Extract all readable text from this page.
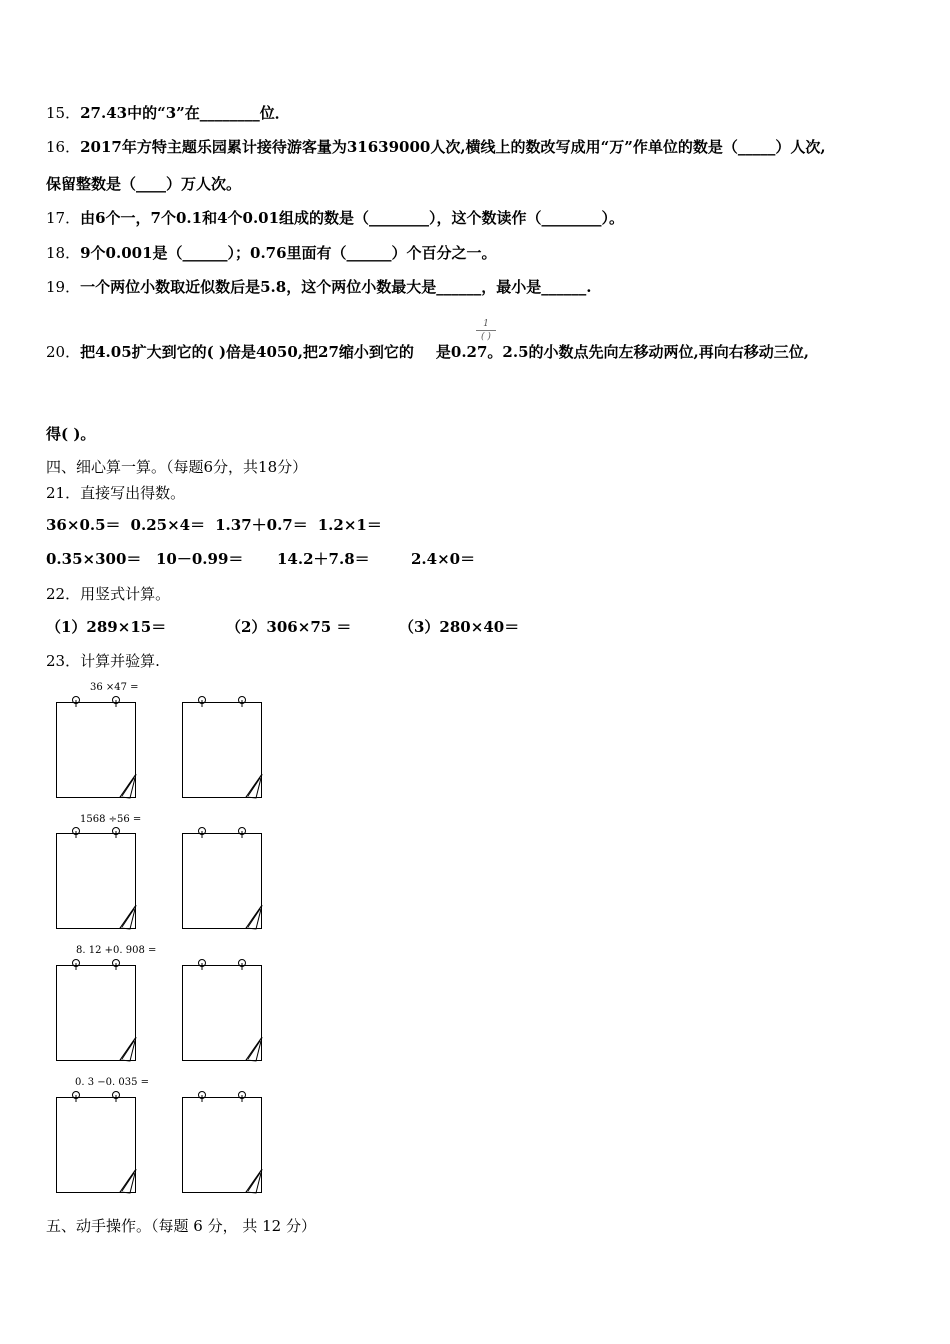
15．27.43中的“3”在________位．
16．2017年方特主题乐园累计接待游客量为31639000人次,横线上的数改写成用“万”作单位的数是（_____）人次,
保留整数是（____）万人次。
17．由6个一，7个0.1和4个0.01组成的数是（________），这个数读作（________）。
18．9个0.001是（______）；0.76里面有（______）个百分之一。
19．一个两位小数取近似数后是5.8，这个两位小数最大是______，最小是______.
20．把4.05扩大到它的( )倍是4050,把27缩小到它的 是0.27。2.5的小数点先向左移动两位,再向右移动三位,
1
( )
得( )。
四、细心算一算。（每题6分，共18分）
21．直接写出得数。
36×0.5＝ 0.25×4＝ 1.37＋0.7＝ 1.2×1＝
0.35×300＝ 10－0.99＝ 14.2＋7.8＝	2.4×0＝
22．用竖式计算。
（1）289×15＝	（2）306×75 ＝	（3）280×40＝
23．计算并验算.
36 ×47 =
1568 ÷56 =
8. 12 +0. 908 =
0. 3 −0. 035 =
五、动手操作。（每题 6 分， 共 12 分）
